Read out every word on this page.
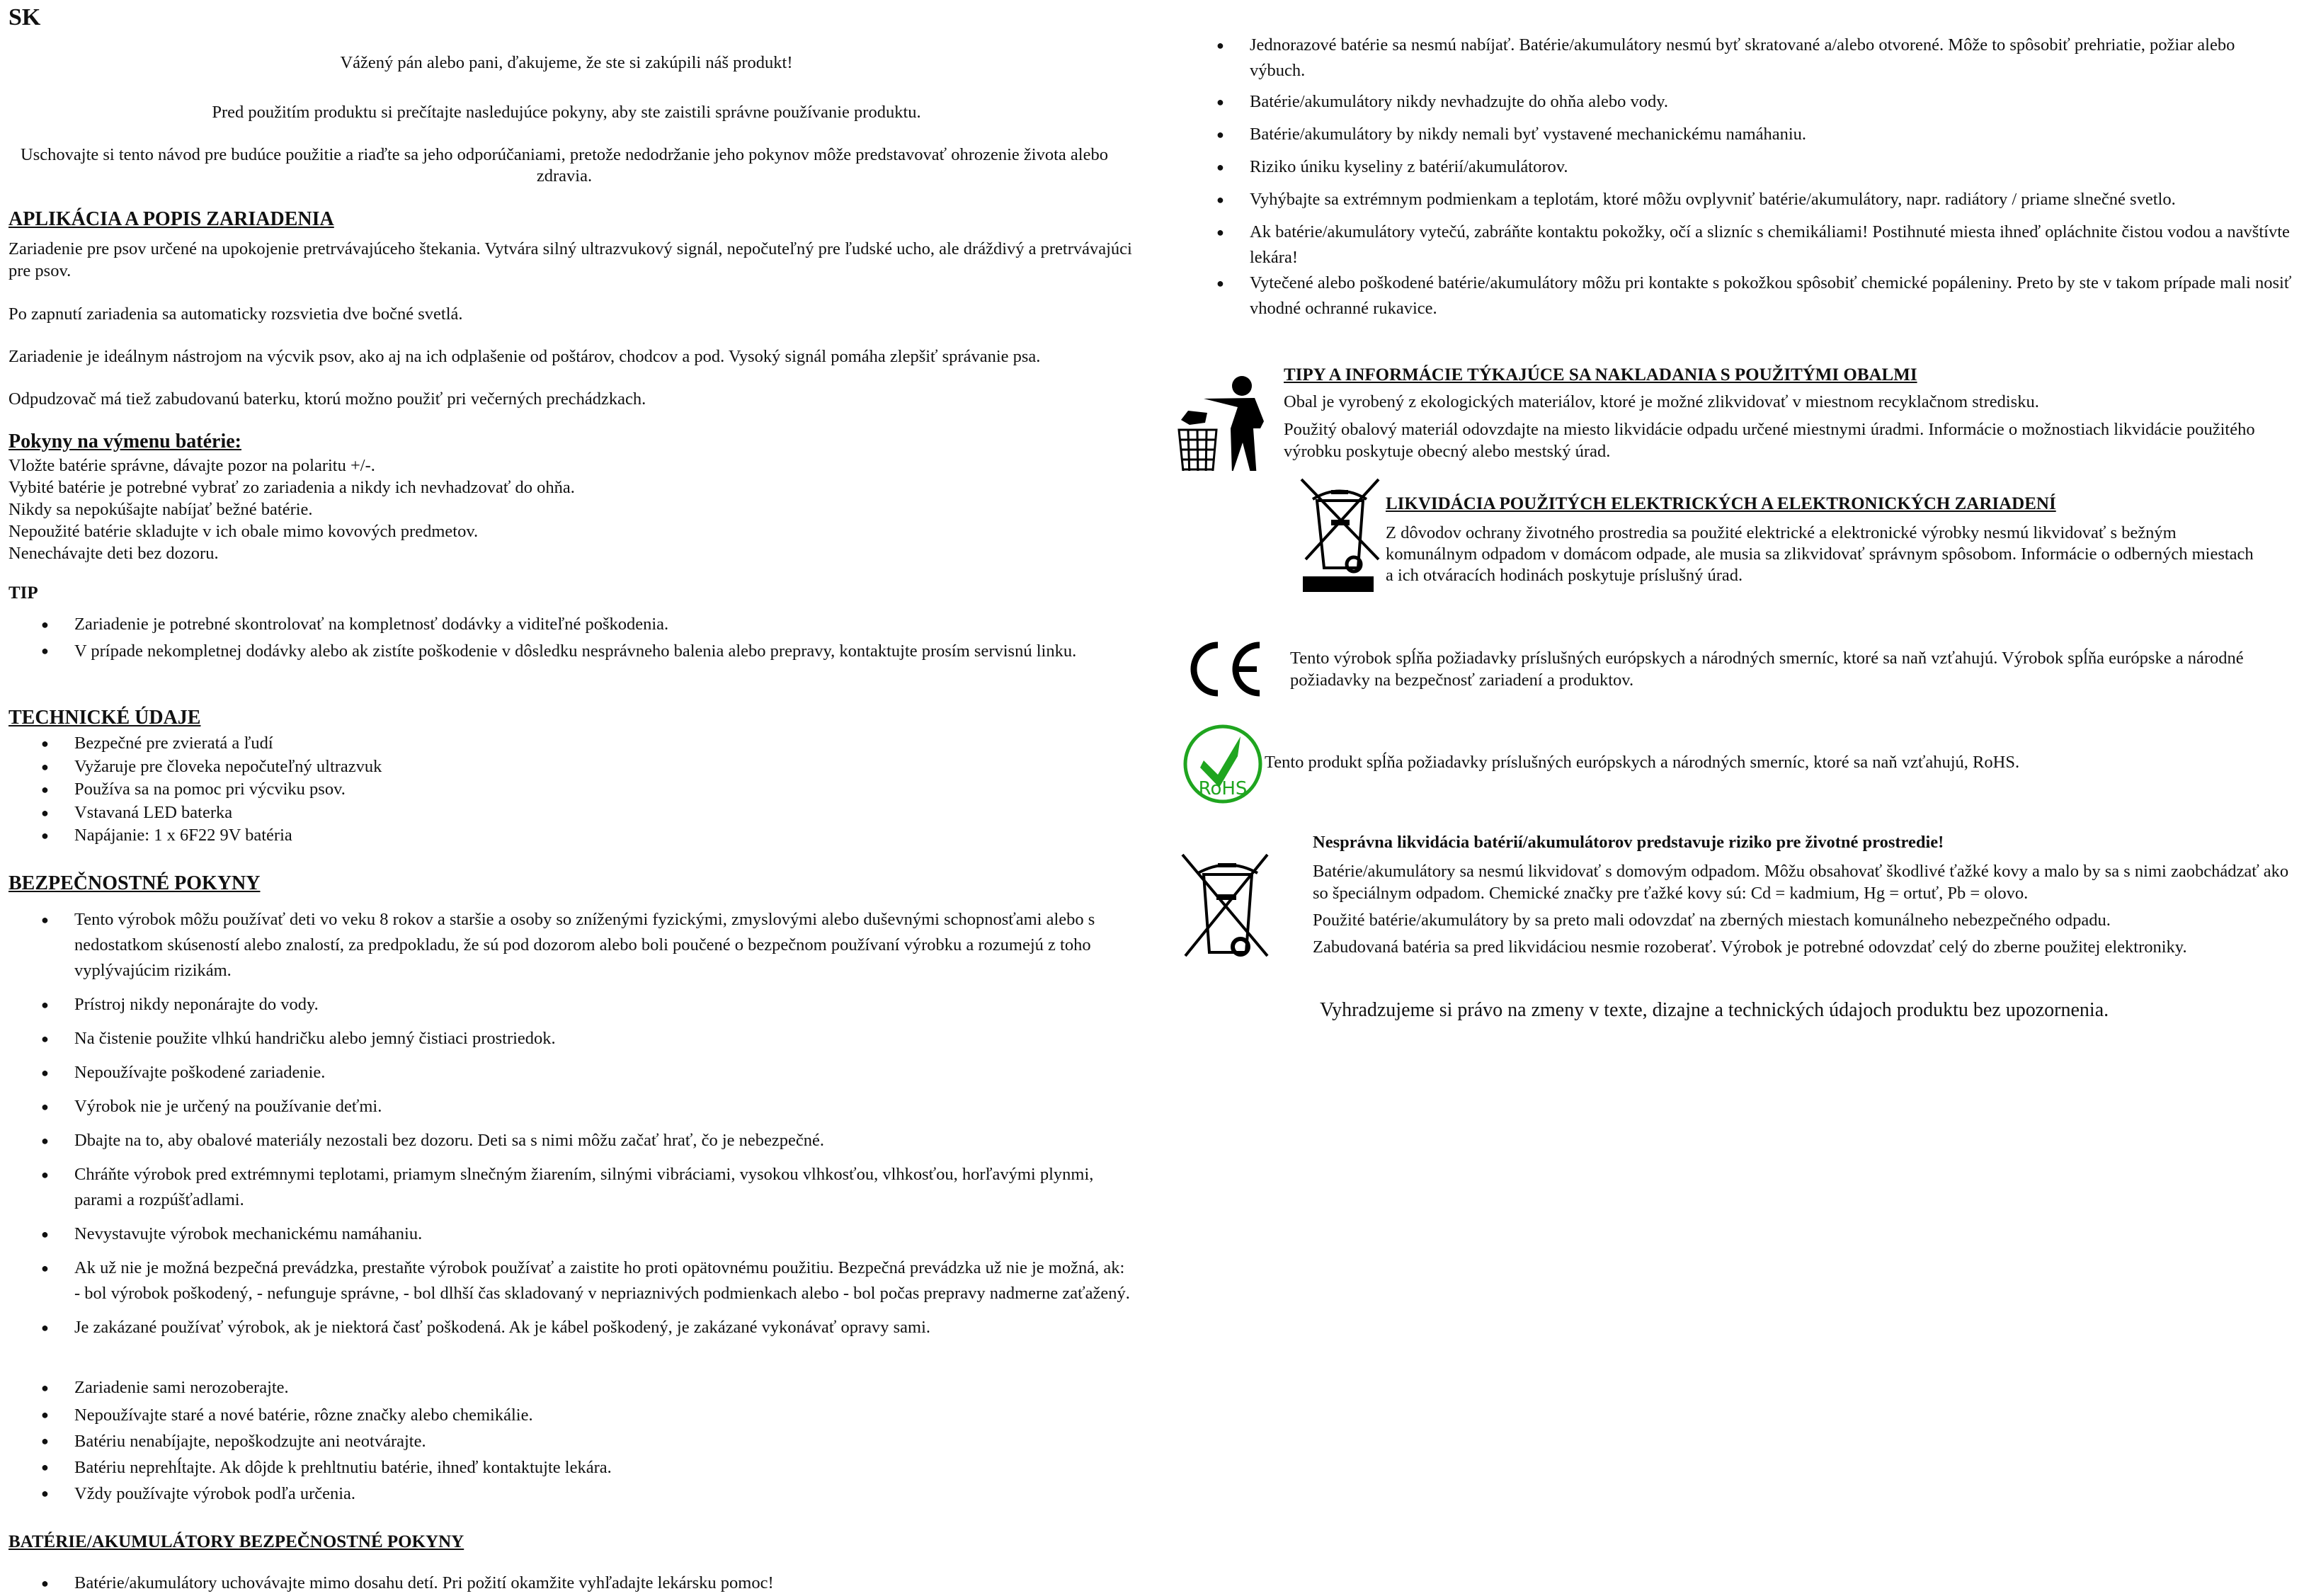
SK
Vážený pán alebo pani, ďakujeme, že ste si zakúpili náš produkt!
Pred použitím produktu si prečítajte nasledujúce pokyny, aby ste zaistili správne používanie produktu.
Uschovajte si tento návod pre budúce použitie a riaďte sa jeho odporúčaniami, pretože nedodržanie jeho pokynov môže predstavovať ohrozenie života alebo zdravia.
APLIKÁCIA A POPIS ZARIADENIA
Zariadenie pre psov určené na upokojenie pretrvávajúceho štekania. Vytvára silný ultrazvukový signál, nepočuteľný pre ľudské ucho, ale dráždivý a pretrvávajúci pre psov.
Po zapnutí zariadenia sa automaticky rozsvietia dve bočné svetlá.
Zariadenie je ideálnym nástrojom na výcvik psov, ako aj na ich odplašenie od poštárov, chodcov a pod. Vysoký signál pomáha zlepšiť správanie psa.
Odpudzovač má tiež zabudovanú baterku, ktorú možno použiť pri večerných prechádzkach.
Pokyny na výmenu batérie:
Vložte batérie správne, dávajte pozor na polaritu +/-.
Vybité batérie je potrebné vybrať zo zariadenia a nikdy ich nevhadzovať do ohňa.
Nikdy sa nepokúšajte nabíjať bežné batérie.
Nepoužité batérie skladujte v ich obale mimo kovových predmetov.
Nenechávajte deti bez dozoru.
TIP
● Zariadenie je potrebné skontrolovať na kompletnosť dodávky a viditeľné poškodenia.
● V prípade nekompletnej dodávky alebo ak zistíte poškodenie v dôsledku nesprávneho balenia alebo prepravy, kontaktujte prosím servisnú linku.
TECHNICKÉ ÚDAJE
● Bezpečné pre zvieratá a ľudí
● Vyžaruje pre človeka nepočuteľný ultrazvuk
● Používa sa na pomoc pri výcviku psov.
● Vstavaná LED baterka
● Napájanie: 1 x 6F22 9V batéria
BEZPEČNOSTNÉ POKYNY
● Tento výrobok môžu používať deti vo veku 8 rokov a staršie a osoby so zníženými fyzickými, zmyslovými alebo duševnými schopnosťami alebo s nedostatkom skúseností alebo znalostí, za predpokladu, že sú pod dozorom alebo boli poučené o bezpečnom používaní výrobku a rozumejú z toho vyplývajúcim rizikám.
● Prístroj nikdy neponárajte do vody.
● Na čistenie použite vlhkú handričku alebo jemný čistiaci prostriedok.
● Nepoužívajte poškodené zariadenie.
● Výrobok nie je určený na používanie deťmi.
● Dbajte na to, aby obalové materiály nezostali bez dozoru. Deti sa s nimi môžu začať hrať, čo je nebezpečné.
● Chráňte výrobok pred extrémnymi teplotami, priamym slnečným žiarením, silnými vibráciami, vysokou vlhkosťou, vlhkosťou, horľavými plynmi, parami a rozpúšťadlami.
● Nevystavujte výrobok mechanickému namáhaniu.
● Ak už nie je možná bezpečná prevádzka, prestaňte výrobok používať a zaistite ho proti opätovnému použitiu. Bezpečná prevádzka už nie je možná, ak: - bol výrobok poškodený, - nefunguje správne, - bol dlhší čas skladovaný v nepriaznivých podmienkach alebo - bol počas prepravy nadmerne zaťažený.
● Je zakázané používať výrobok, ak je niektorá časť poškodená. Ak je kábel poškodený, je zakázané vykonávať opravy sami.
● Zariadenie sami nerozoberajte.
● Nepoužívajte staré a nové batérie, rôzne značky alebo chemikálie.
● Batériu nenabíjajte, nepoškodzujte ani neotvárajte.
● Batériu neprehĺtajte. Ak dôjde k prehltnutiu batérie, ihneď kontaktujte lekára.
● Vždy používajte výrobok podľa určenia.
BATÉRIE/AKUMULÁTORY BEZPEČNOSTNÉ POKYNY
● Batérie/akumulátory uchovávajte mimo dosahu detí. Pri požití okamžite vyhľadajte lekársku pomoc!
● Jednorazové batérie sa nesmú nabíjať. Batérie/akumulátory nesmú byť skratované a/alebo otvorené. Môže to spôsobiť prehriatie, požiar alebo výbuch.
● Batérie/akumulátory nikdy nevhadzujte do ohňa alebo vody.
● Batérie/akumulátory by nikdy nemali byť vystavené mechanickému namáhaniu.
● Riziko úniku kyseliny z batérií/akumulátorov.
● Vyhýbajte sa extrémnym podmienkam a teplotám, ktoré môžu ovplyvniť batérie/akumulátory, napr. radiátory / priame slnečné svetlo.
● Ak batérie/akumulátory vytečú, zabráňte kontaktu pokožky, očí a slizníc s chemikáliami! Postihnuté miesta ihneď opláchnite čistou vodou a navštívte lekára!
● Vytečené alebo poškodené batérie/akumulátory môžu pri kontakte s pokožkou spôsobiť chemické popáleniny. Preto by ste v takom prípade mali nosiť vhodné ochranné rukavice.
TIPY A INFORMÁCIE TÝKAJÚCE SA NAKLADANIA S POUŽITÝMI OBALMI
Obal je vyrobený z ekologických materiálov, ktoré je možné zlikvidovať v miestnom recyklačnom stredisku.
Použitý obalový materiál odovzdajte na miesto likvidácie odpadu určené miestnymi úradmi. Informácie o možnostiach likvidácie použitého výrobku poskytuje obecný alebo mestský úrad.
LIKVIDÁCIA POUŽITÝCH ELEKTRICKÝCH A ELEKTRONICKÝCH ZARIADENÍ
Z dôvodov ochrany životného prostredia sa použité elektrické a elektronické výrobky nesmú likvidovať s bežným komunálnym odpadom v domácom odpade, ale musia sa zlikvidovať správnym spôsobom. Informácie o odberných miestach a ich otváracích hodinách poskytuje príslušný úrad.
Tento výrobok spĺňa požiadavky príslušných európskych a národných smerníc, ktoré sa naň vzťahujú. Výrobok spĺňa európske a národné požiadavky na bezpečnosť zariadení a produktov.
RoHS
Tento produkt spĺňa požiadavky príslušných európskych a národných smerníc, ktoré sa naň vzťahujú, RoHS.
Nesprávna likvidácia batérií/akumulátorov predstavuje riziko pre životné prostredie!
Batérie/akumulátory sa nesmú likvidovať s domovým odpadom. Môžu obsahovať škodlivé ťažké kovy a malo by sa s nimi zaobchádzať ako so špeciálnym odpadom. Chemické značky pre ťažké kovy sú: Cd = kadmium, Hg = ortuť, Pb = olovo.
Použité batérie/akumulátory by sa preto mali odovzdať na zberných miestach komunálneho nebezpečného odpadu.
Zabudovaná batéria sa pred likvidáciou nesmie rozoberať. Výrobok je potrebné odovzdať celý do zberne použitej elektroniky.
Vyhradzujeme si právo na zmeny v texte, dizajne a technických údajoch produktu bez upozornenia.
